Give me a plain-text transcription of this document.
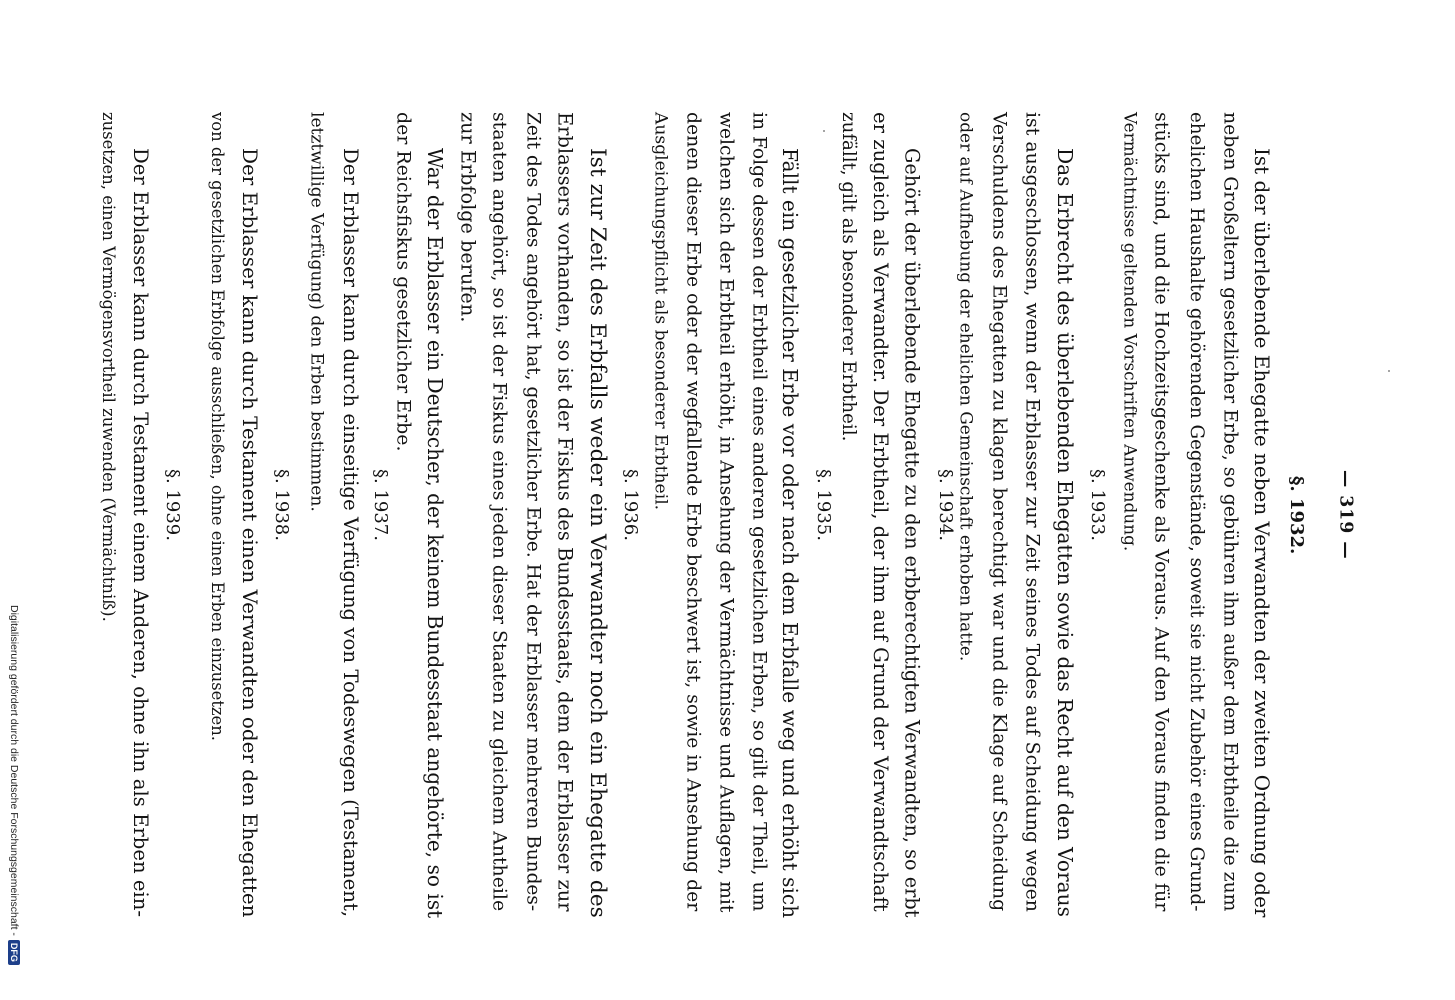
— 319 —
§. 1932.
Ist der überlebende Ehegatte neben Verwandten der zweiten Ordnung oder
neben Großeltern gesetzlicher Erbe, so gebühren ihm außer dem Erbtheile die zum
ehelichen Haushalte gehörenden Gegenstände, soweit sie nicht Zubehör eines Grund-
stücks sind, und die Hochzeitsgeschenke als Voraus. Auf den Voraus finden die für
Vermächtnisse geltenden Vorschriften Anwendung.
§. 1933.
Das Erbrecht des überlebenden Ehegatten sowie das Recht auf den Voraus
ist ausgeschlossen, wenn der Erblasser zur Zeit seines Todes auf Scheidung wegen
Verschuldens des Ehegatten zu klagen berechtigt war und die Klage auf Scheidung
oder auf Aufhebung der ehelichen Gemeinschaft erhoben hatte.
§. 1934.
Gehört der überlebende Ehegatte zu den erbberechtigten Verwandten, so erbt
er zugleich als Verwandter. Der Erbtheil, der ihm auf Grund der Verwandtschaft
zufällt, gilt als besonderer Erbtheil.
§. 1935.
Fällt ein gesetzlicher Erbe vor oder nach dem Erbfalle weg und erhöht sich
in Folge dessen der Erbtheil eines anderen gesetzlichen Erben, so gilt der Theil, um
welchen sich der Erbtheil erhöht, in Ansehung der Vermächtnisse und Auflagen, mit
denen dieser Erbe oder der wegfallende Erbe beschwert ist, sowie in Ansehung der
Ausgleichungspflicht als besonderer Erbtheil.
§. 1936.
Ist zur Zeit des Erbfalls weder ein Verwandter noch ein Ehegatte des
Erblassers vorhanden, so ist der Fiskus des Bundesstaats, dem der Erblasser zur
Zeit des Todes angehört hat, gesetzlicher Erbe. Hat der Erblasser mehreren Bundes-
staaten angehört, so ist der Fiskus eines jeden dieser Staaten zu gleichem Antheile
zur Erbfolge berufen.
War der Erblasser ein Deutscher, der keinem Bundesstaat angehörte, so ist
der Reichsfiskus gesetzlicher Erbe.
§. 1937.
Der Erblasser kann durch einseitige Verfügung von Todeswegen (Testament,
letztwillige Verfügung) den Erben bestimmen.
§. 1938.
Der Erblasser kann durch Testament einen Verwandten oder den Ehegatten
von der gesetzlichen Erbfolge ausschließen, ohne einen Erben einzusetzen.
§. 1939.
Der Erblasser kann durch Testament einem Anderen, ohne ihn als Erben ein-
zusetzen, einen Vermögensvortheil zuwenden (Vermächtniß).
Digitalisierung gefördert durch die Deutsche Forschungsgemeinschaft -DFG
